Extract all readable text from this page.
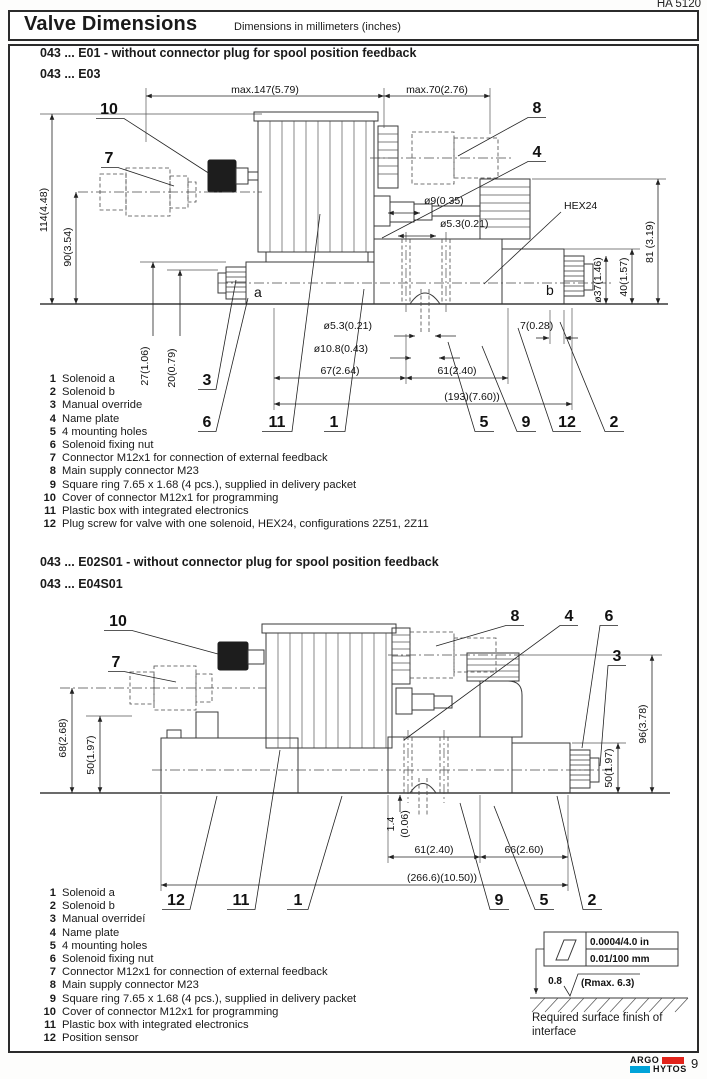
HA 5120
Valve Dimensions	Dimensions in millimeters (inches)
043 ... E01 - without connector plug for spool position feedback
043 ... E03
max.147(5.79)	max.70(2.76)
114(4.48)
90(3.54)
ø9(0.35)
ø5.3(0.21)
HEX24
81 (3.19)
40(1.57)
ø37(1.46)
27(1.06) 20(0.79)
ø5.3(0.21)
ø10.8(0.43)
67(2.64)	61(2.40)
(193)(7.60))
7(0.28)
a	b
10
7
8
4
3
6	11	1	5 9 12 2
1 Solenoid a
2 Solenoid b
3 Manual override
4 Name plate
5 4 mounting holes
6 Solenoid fixing nut
7 Connector M12x1 for connection of external feedback
8 Main supply connector M23
9 Square ring 7.65 x 1.68 (4 pcs.), supplied in delivery packet
10 Cover of connector M12x1 for programming
11 Plastic box with integrated electronics
12 Plug screw for valve with one solenoid, HEX24, configurations 2Z51, 2Z11
043 ... E02S01 - without connector plug for spool position feedback
043 ... E04S01
68(2.68) 50(1.97)
96(3.78)
50(1.97)
1.4 (0.06)
61(2.40)	66(2.60)
(266.6)(10.50))
10
7
8	4 6
3
12	11	1	9 5 2
1 Solenoid a
2 Solenoid b
3 Manual overrideí
4 Name plate
5 4 mounting holes
6 Solenoid fixing nut
7 Connector M12x1 for connection of external feedback
8 Main supply connector M23
9 Square ring 7.65 x 1.68 (4 pcs.), supplied in delivery packet
10 Cover of connector M12x1 for programming
11 Plastic box with integrated electronics
12 Position sensor
0.0004/4.0 in
0.01/100 mm
0.8 (Rmax. 6.3)
Required surface finish of interface
ARGO
HYTOS 9
